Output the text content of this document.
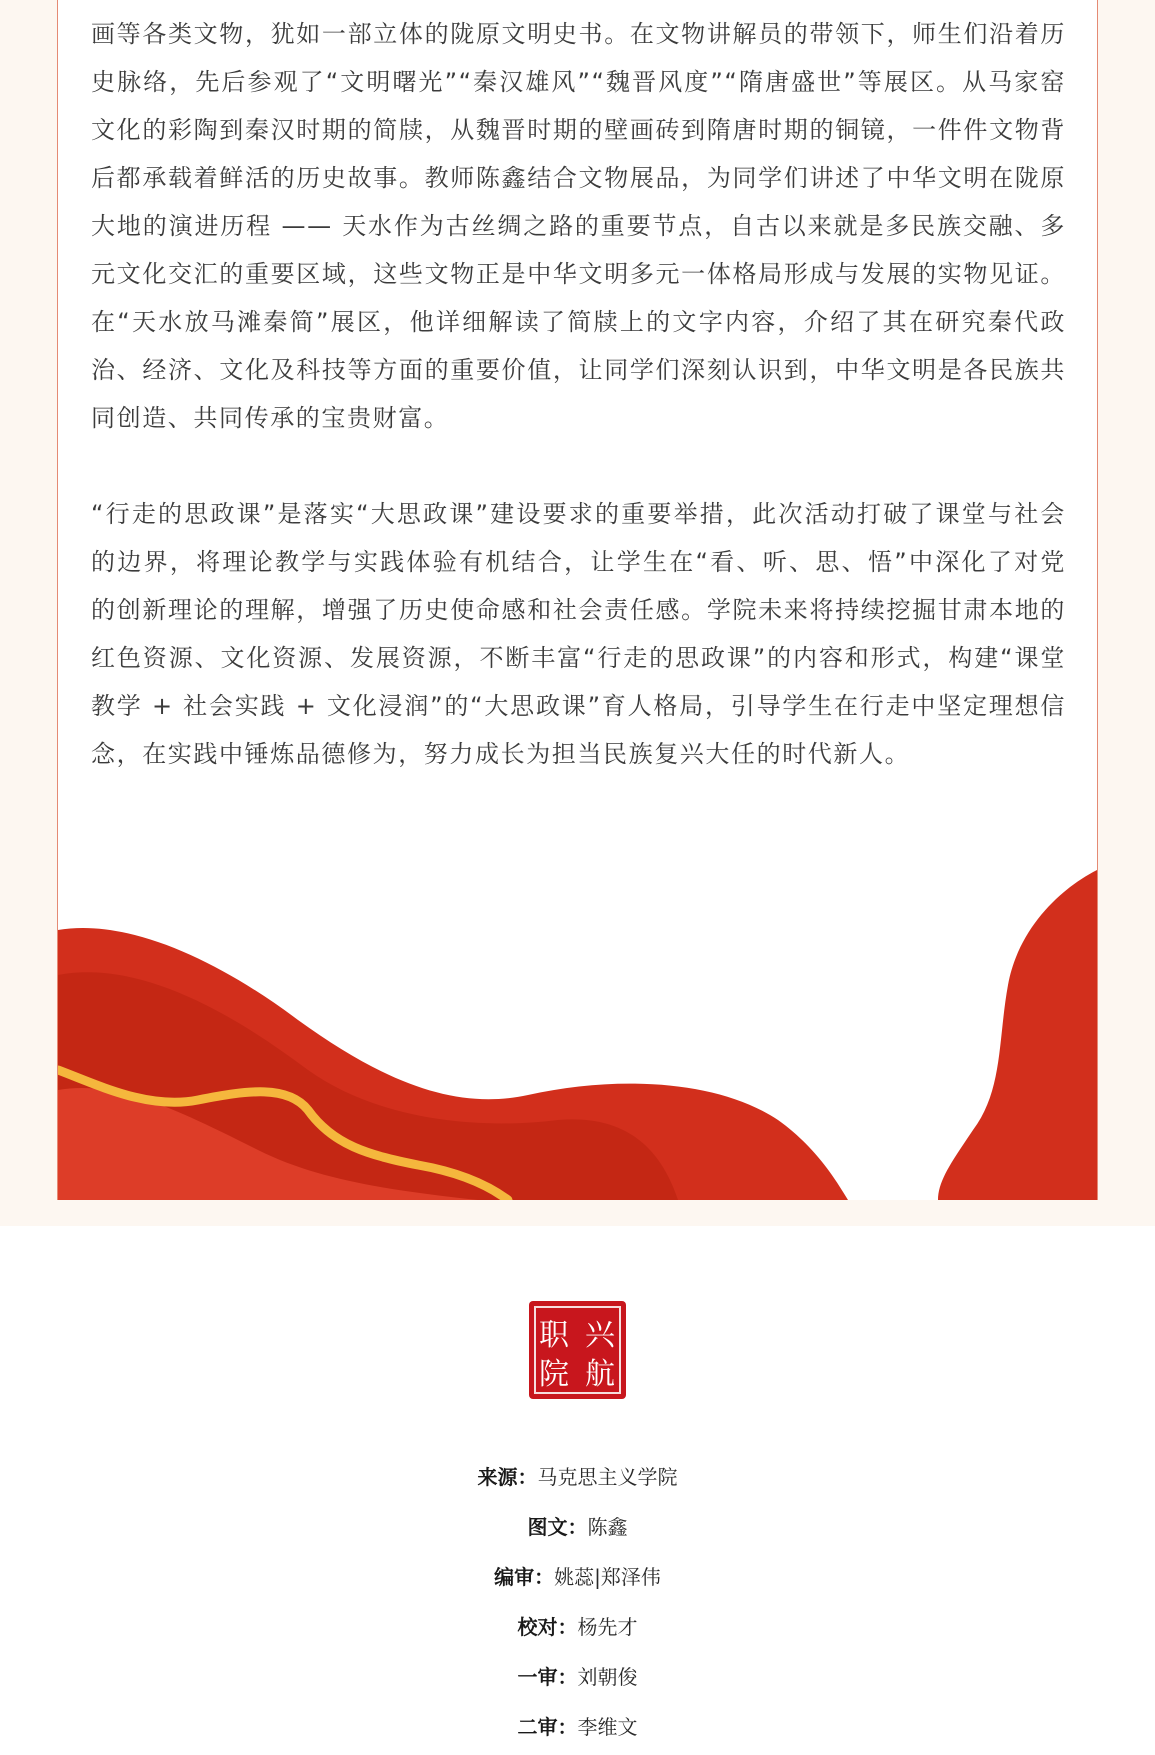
画等各类文物，犹如一部立体的陇原文明史书。在文物讲解员的带领下，师生们沿着历史脉络，先后参观了“文明曙光”“秦汉雄风”“魏晋风度”“隋唐盛世”等展区。从马家窑文化的彩陶到秦汉时期的简牍，从魏晋时期的壁画砖到隋唐时期的铜镜，一件件文物背后都承载着鲜活的历史故事。教师陈鑫结合文物展品，为同学们讲述了中华文明在陇原大地的演进历程 —— 天水作为古丝绸之路的重要节点，自古以来就是多民族交融、多元文化交汇的重要区域，这些文物正是中华文明多元一体格局形成与发展的实物见证。在“天水放马滩秦简”展区，他详细解读了简牍上的文字内容，介绍了其在研究秦代政治、经济、文化及科技等方面的重要价值，让同学们深刻认识到，中华文明是各民族共同创造、共同传承的宝贵财富。

“行走的思政课”是落实“大思政课”建设要求的重要举措，此次活动打破了课堂与社会的边界，将理论教学与实践体验有机结合，让学生在“看、听、思、悟”中深化了对党的创新理论的理解，增强了历史使命感和社会责任感。学院未来将持续挖掘甘肃本地的红色资源、文化资源、发展资源，不断丰富“行走的思政课”的内容和形式，构建“课堂教学 + 社会实践 + 文化浸润”的“大思政课”育人格局，引导学生在行走中坚定理想信念，在实践中锤炼品德修为，努力成长为担当民族复兴大任的时代新人。

职 兴
院 航
来源：马克思主义学院
图文：陈鑫
编审：姚蕊|郑泽伟
校对：杨先才
一审：刘朝俊
二审：李维文
